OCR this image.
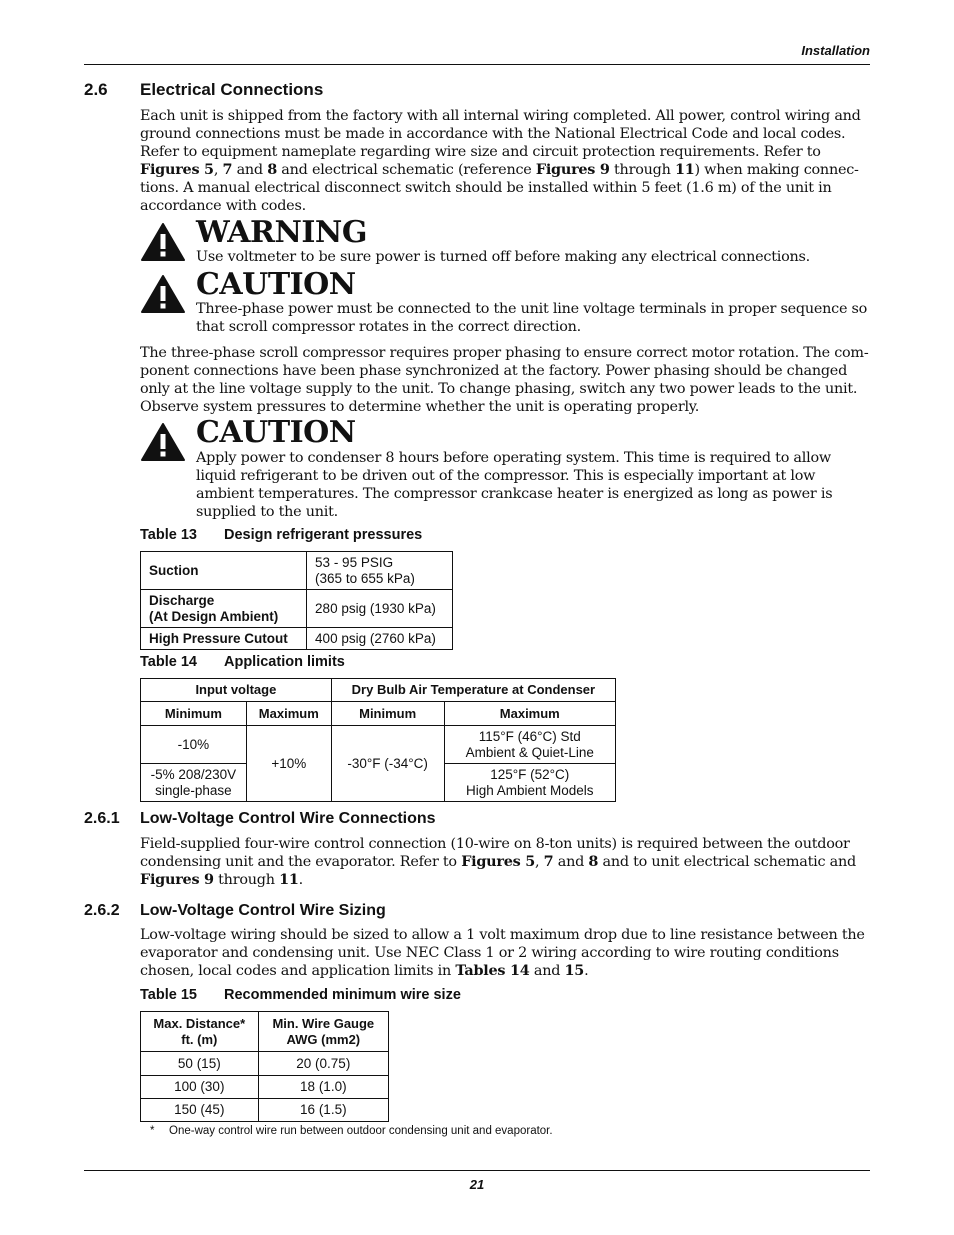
Installation
2.6 Electrical Connections
Each unit is shipped from the factory with all internal wiring completed. All power, control wiring and ground connections must be made in accordance with the National Electrical Code and local codes. Refer to equipment nameplate regarding wire size and circuit protection requirements. Refer to Figures 5, 7 and 8 and electrical schematic (reference Figures 9 through 11) when making connec-tions. A manual electrical disconnect switch should be installed within 5 feet (1.6 m) of the unit in accordance with codes.
WARNING
Use voltmeter to be sure power is turned off before making any electrical connections.
CAUTION
Three-phase power must be connected to the unit line voltage terminals in proper sequence so that scroll compressor rotates in the correct direction.
The three-phase scroll compressor requires proper phasing to ensure correct motor rotation. The com-ponent connections have been phase synchronized at the factory. Power phasing should be changed only at the line voltage supply to the unit. To change phasing, switch any two power leads to the unit. Observe system pressures to determine whether the unit is operating properly.
CAUTION
Apply power to condenser 8 hours before operating system. This time is required to allow liquid refrigerant to be driven out of the compressor. This is especially important at low ambient temperatures. The compressor crankcase heater is energized as long as power is supplied to the unit.
Table 13 Design refrigerant pressures
Suction	53 - 95 PSIG
(365 to 655 kPa)
Discharge
(At Design Ambient)	280 psig (1930 kPa)
High Pressure Cutout	400 psig (2760 kPa)
Table 14 Application limits
Input voltage		Dry Bulb Air Temperature at Condenser	
Minimum	Maximum	Minimum	Maximum
-10%	+10%	-30°F (-34°C)	115°F (46°C) Std
Ambient & Quiet-Line
-5% 208/230V
single-phase			125°F (52°C)
High Ambient Models
2.6.1 Low-Voltage Control Wire Connections
Field-supplied four-wire control connection (10-wire on 8-ton units) is required between the outdoor condensing unit and the evaporator. Refer to Figures 5, 7 and 8 and to unit electrical schematic and Figures 9 through 11.
2.6.2 Low-Voltage Control Wire Sizing
Low-voltage wiring should be sized to allow a 1 volt maximum drop due to line resistance between the evaporator and condensing unit. Use NEC Class 1 or 2 wiring according to wire routing conditions chosen, local codes and application limits in Tables 14 and 15.
Table 15 Recommended minimum wire size
Max. Distance*
ft. (m)	Min. Wire Gauge
AWG (mm2)
50 (15)	20 (0.75)
100 (30)	18 (1.0)
150 (45)	16 (1.5)
* One-way control wire run between outdoor condensing unit and evaporator.
21
